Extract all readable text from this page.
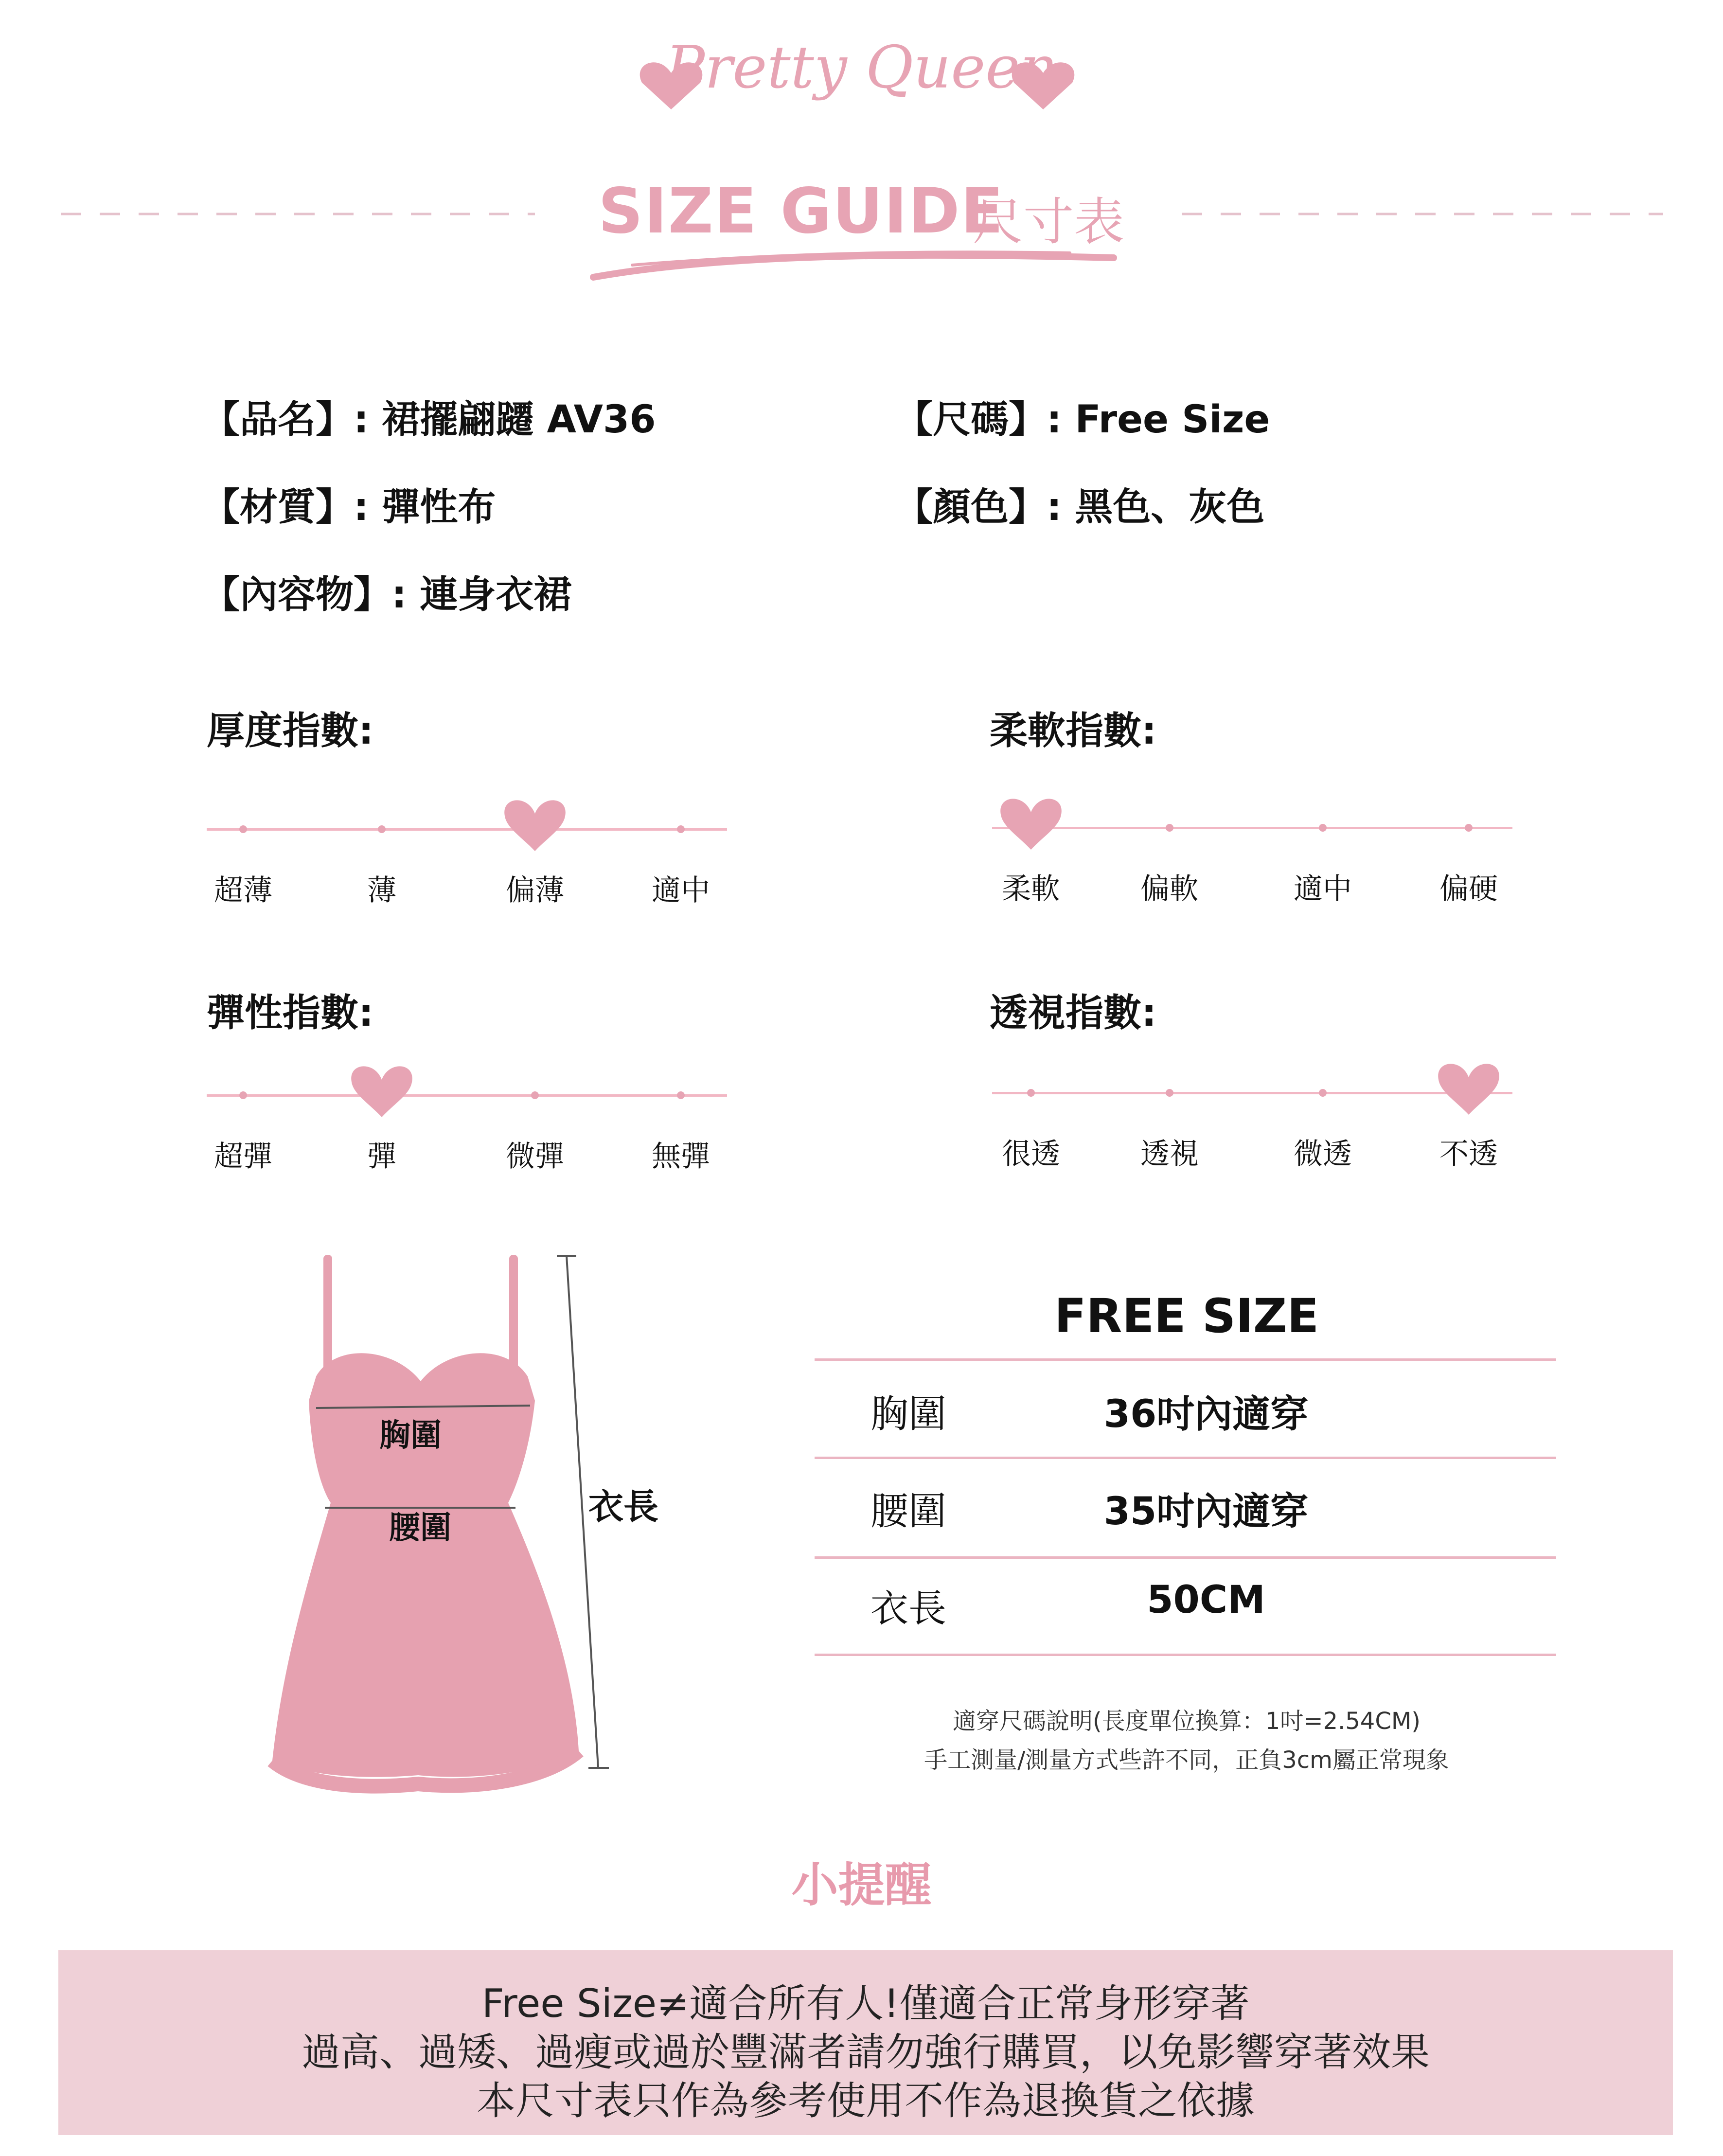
Pretty Queen
SIZE GUIDE
尺寸表
【品名】: 裙擺翩躚 AV36	【尺碼】: Free Size
【材質】: 彈性布	【顏色】: 黑色、灰色
【內容物】: 連身衣裙
厚度指數:
超薄	薄	偏薄	適中
柔軟指數:
柔軟	偏軟	適中	偏硬
彈性指數:
超彈	彈	微彈	無彈
透視指數:
很透	透視	微透	不透
胸圍
腰圍
衣長
FREE SIZE
胸圍	36吋內適穿
腰圍	35吋內適穿
衣長	50CM
適穿尺碼說明(長度單位換算：1吋=2.54CM)
手工測量/測量方式些許不同，正負3cm屬正常現象
小提醒
Free Size≠適合所有人!僅適合正常身形穿著
過高、過矮、過瘦或過於豐滿者請勿強行購買，以免影響穿著效果
本尺寸表只作為參考使用不作為退換貨之依據
